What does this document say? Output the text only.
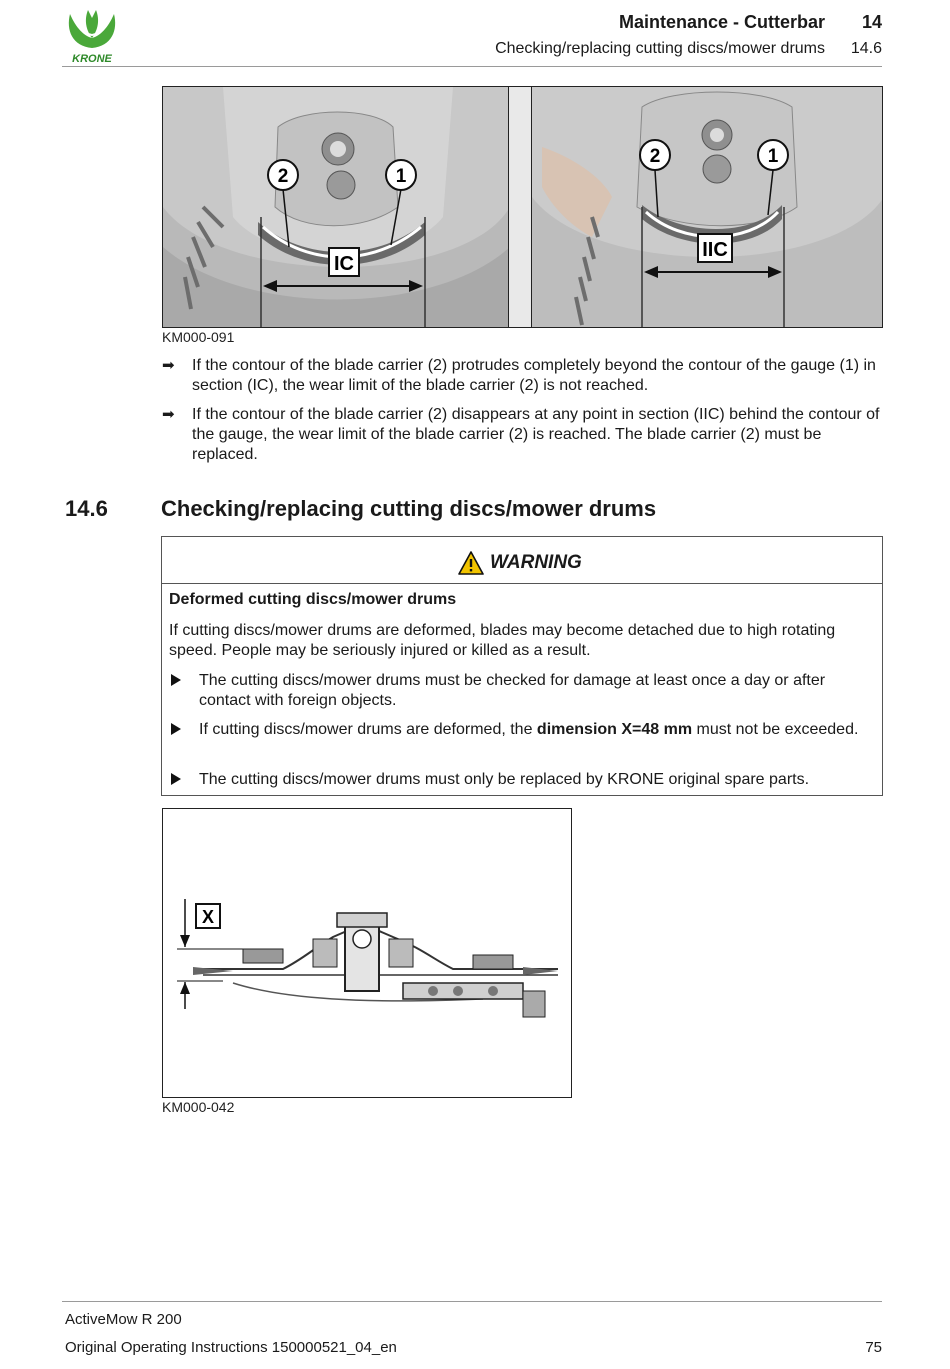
KRONE
Maintenance - Cutterbar	14
Checking/replacing cutting discs/mower drums	14.6
IC
2	1
IIC
2	1
KM000-091
➡	If the contour of the blade carrier (2) protrudes completely beyond the contour of the gauge (1) in section (IC), the wear limit of the blade carrier (2) is not reached.
➡	If the contour of the blade carrier (2) disappears at any point in section (IIC) behind the contour of the gauge, the wear limit of the blade carrier (2) is reached. The blade carrier (2) must be replaced.
14.6 Checking/replacing cutting discs/mower drums
WARNING
Deformed cutting discs/mower drums
If cutting discs/mower drums are deformed, blades may become detached due to high rotating speed. People may be seriously injured or killed as a result.
The cutting discs/mower drums must be checked for damage at least once a day or after contact with foreign objects.
If cutting discs/mower drums are deformed, the dimension X=48 mm must not be exceeded.
The cutting discs/mower drums must only be replaced by KRONE original spare parts.
X
KM000-042
ActiveMow R 200
Original Operating Instructions 150000521_04_en	75
